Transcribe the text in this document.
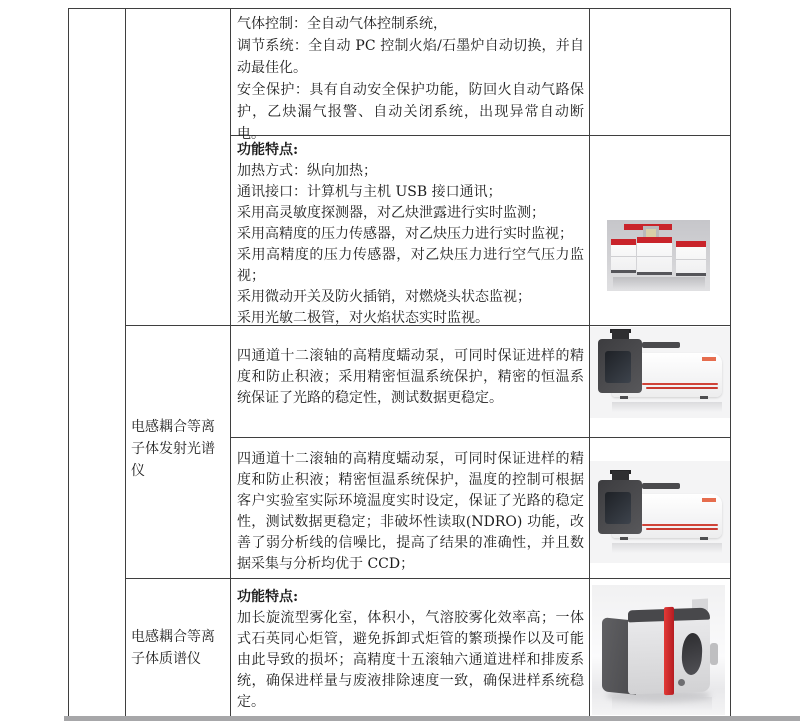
气体控制：全自动气体控制系统，

调节系统：全自动 PC 控制火焰/石墨炉自动切换，并自动最佳化。

安全保护：具有自动安全保护功能，防回火自动气路保护，乙炔漏气报警、自动关闭系统，出现异常自动断电。

功能特点:

加热方式：纵向加热；

通讯接口：计算机与主机 USB 接口通讯；

采用高灵敏度探测器，对乙炔泄露进行实时监测；

采用高精度的压力传感器，对乙炔压力进行实时监视；

采用高精度的压力传感器，对乙炔压力进行空气压力监视；

采用微动开关及防火插销，对燃烧头状态监视；

采用光敏二极管，对火焰状态实时监视。

电感耦合等离子体发射光谱仪

四通道十二滚轴的高精度蠕动泵，可同时保证进样的精度和防止积液；采用精密恒温系统保护，精密的恒温系统保证了光路的稳定性，测试数据更稳定。

四通道十二滚轴的高精度蠕动泵，可同时保证进样的精度和防止积液；精密恒温系统保护，温度的控制可根据客户实验室实际环境温度实时设定，保证了光路的稳定性，测试数据更稳定；非破坏性读取(NDRO) 功能，改善了弱分析线的信噪比，提高了结果的准确性，并且数据采集与分析均优于 CCD；

电感耦合等离子体质谱仪

功能特点:

加长旋流型雾化室，体积小，气溶胶雾化效率高；一体式石英同心炬管，避免拆卸式炬管的繁琐操作以及可能由此导致的损坏；高精度十五滚轴六通道进样和排废系统，确保进样量与废液排除速度一致，确保进样系统稳定。
